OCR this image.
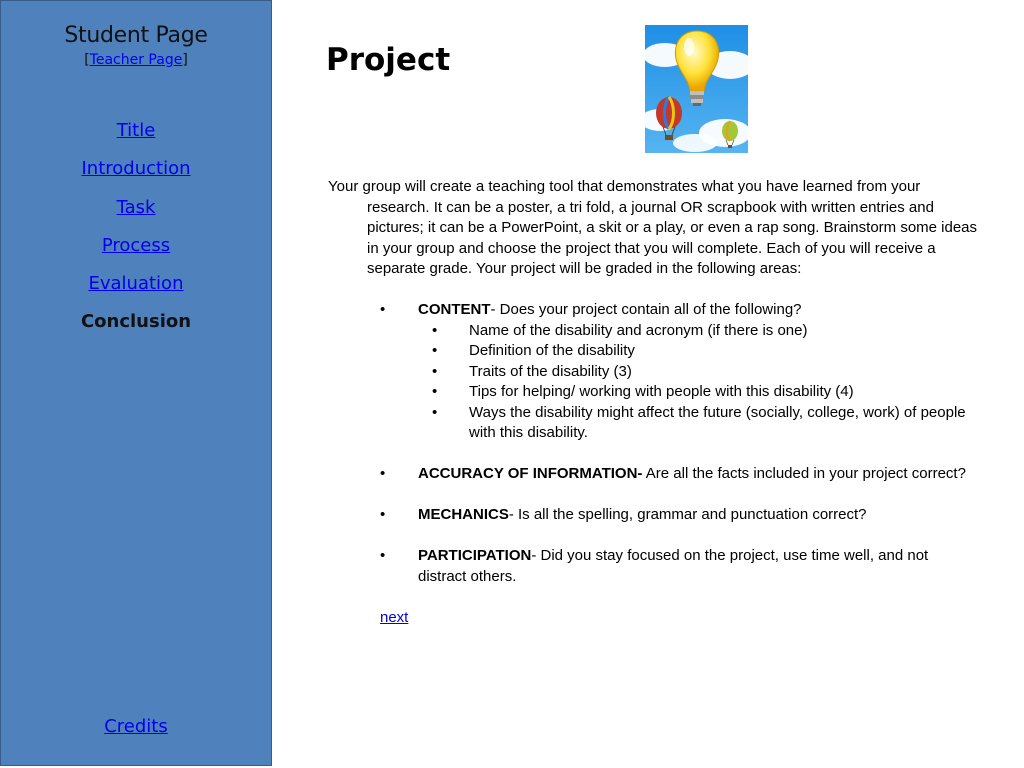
Student Page
[Teacher Page]
Title
Introduction
Task
Process
Evaluation
Conclusion
Credits
Project

Your group will create a teaching tool that demonstrates what you have learned from your research. It can be a poster, a tri fold, a journal OR scrapbook with written entries and pictures; it can be a PowerPoint, a skit or a play, or even a rap song. Brainstorm some ideas in your group and choose the project that you will complete. Each of you will receive a separate grade. Your project will be graded in the following areas:

• CONTENT- Does your project contain all of the following?
• Name of the disability and acronym (if there is one)
• Definition of the disability
• Traits of the disability (3)
• Tips for helping/ working with people with this disability (4)
• Ways the disability might affect the future (socially, college, work) of people with this disability.
• ACCURACY OF INFORMATION- Are all the facts included in your project correct?
• MECHANICS- Is all the spelling, grammar and punctuation correct?
• PARTICIPATION- Did you stay focused on the project, use time well, and not distract others.
next
